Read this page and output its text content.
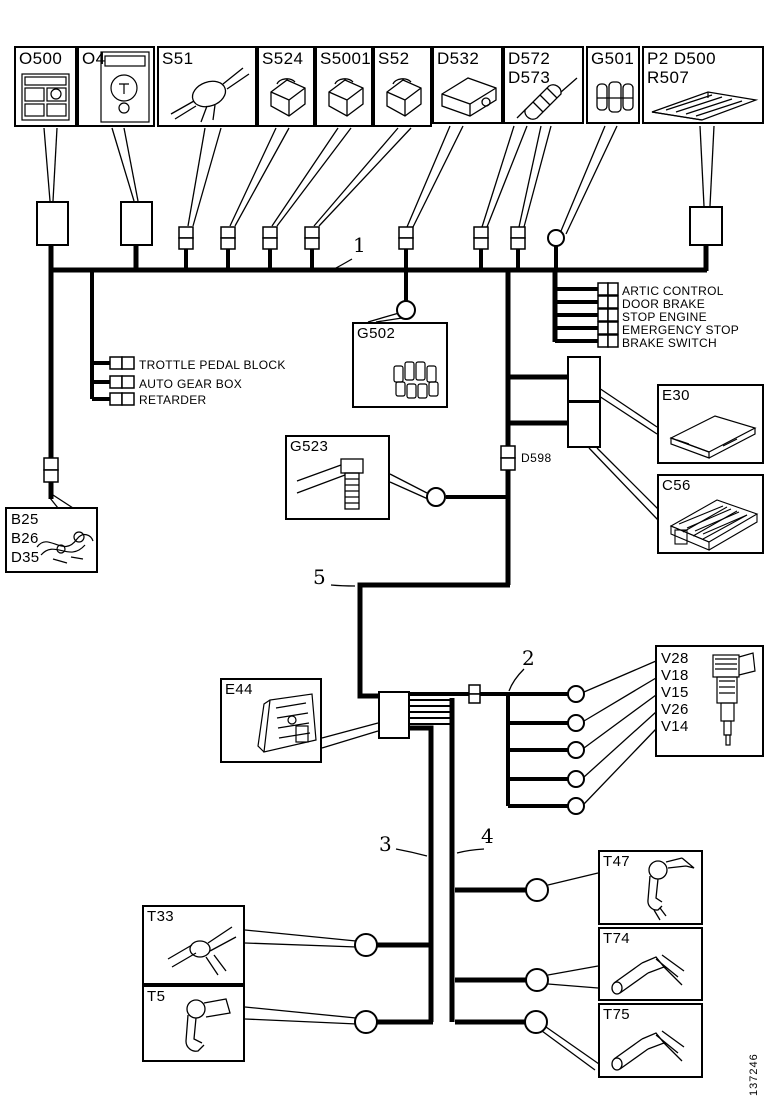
O500	O4	S51	S524 S5001 S52	D532	D572
D573
G501 P2 D500
R507
1
2
3	4
5
TROTTLE PEDAL BLOCK
AUTO GEAR BOX
RETARDER
ARTIC CONTROL
DOOR BRAKE
STOP ENGINE
EMERGENCY STOP
BRAKE SWITCH
D598
G502
G523
E30
C56
B25
B26
D35
E44
V28
V18
V15
V26
V14
T33
T5
T47
T74
T75
137246
